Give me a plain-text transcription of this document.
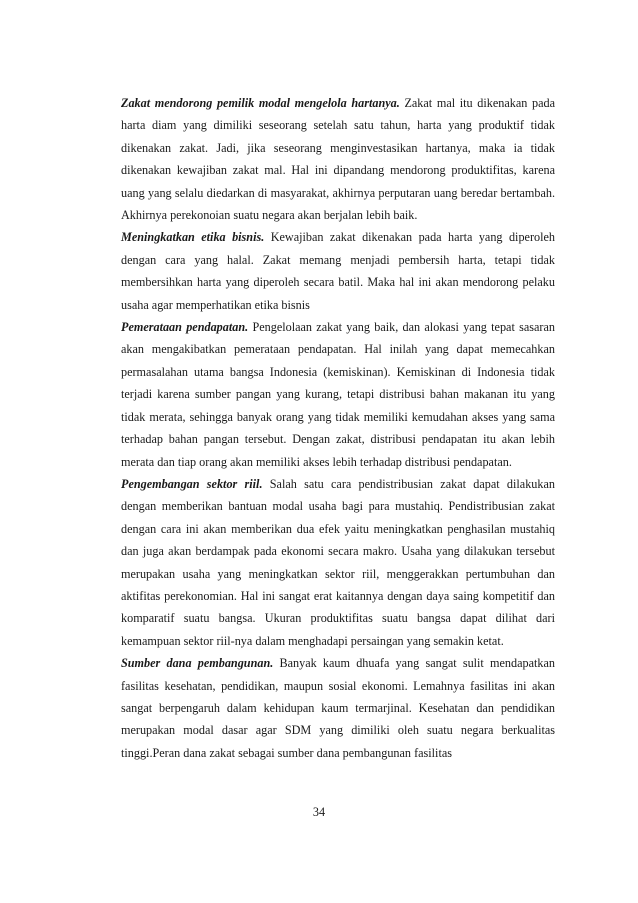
Zakat mendorong pemilik modal mengelola hartanya. Zakat mal itu dikenakan pada harta diam yang dimiliki seseorang setelah satu tahun, harta yang produktif tidak dikenakan zakat. Jadi, jika seseorang menginvestasikan hartanya, maka ia tidak dikenakan kewajiban zakat mal. Hal ini dipandang mendorong produktifitas, karena uang yang selalu diedarkan di masyarakat, akhirnya perputaran uang beredar bertambah. Akhirnya perekonoian suatu negara akan berjalan lebih baik.

Meningkatkan etika bisnis. Kewajiban zakat dikenakan pada harta yang diperoleh dengan cara yang halal. Zakat memang menjadi pembersih harta, tetapi tidak membersihkan harta yang diperoleh secara batil. Maka hal ini akan mendorong pelaku usaha agar memperhatikan etika bisnis

Pemerataan pendapatan. Pengelolaan zakat yang baik, dan alokasi yang tepat sasaran akan mengakibatkan pemerataan pendapatan. Hal inilah yang dapat memecahkan permasalahan utama bangsa Indonesia (kemiskinan). Kemiskinan di Indonesia tidak terjadi karena sumber pangan yang kurang, tetapi distribusi bahan makanan itu yang tidak merata, sehingga banyak orang yang tidak memiliki kemudahan akses yang sama terhadap bahan pangan tersebut. Dengan zakat, distribusi pendapatan itu akan lebih merata dan tiap orang akan memiliki akses lebih terhadap distribusi pendapatan.

Pengembangan sektor riil. Salah satu cara pendistribusian zakat dapat dilakukan dengan memberikan bantuan modal usaha bagi para mustahiq. Pendistribusian zakat dengan cara ini akan memberikan dua efek yaitu meningkatkan penghasilan mustahiq dan juga akan berdampak pada ekonomi secara makro. Usaha yang dilakukan tersebut merupakan usaha yang meningkatkan sektor riil, menggerakkan pertumbuhan dan aktifitas perekonomian. Hal ini sangat erat kaitannya dengan daya saing kompetitif dan komparatif suatu bangsa. Ukuran produktifitas suatu bangsa dapat dilihat dari kemampuan sektor riil-nya dalam menghadapi persaingan yang semakin ketat.

Sumber dana pembangunan. Banyak kaum dhuafa yang sangat sulit mendapatkan fasilitas kesehatan, pendidikan, maupun sosial ekonomi. Lemahnya fasilitas ini akan sangat berpengaruh dalam kehidupan kaum termarjinal. Kesehatan dan pendidikan merupakan modal dasar agar SDM yang dimiliki oleh suatu negara berkualitas tinggi.Peran dana zakat sebagai sumber dana pembangunan fasilitas

34
